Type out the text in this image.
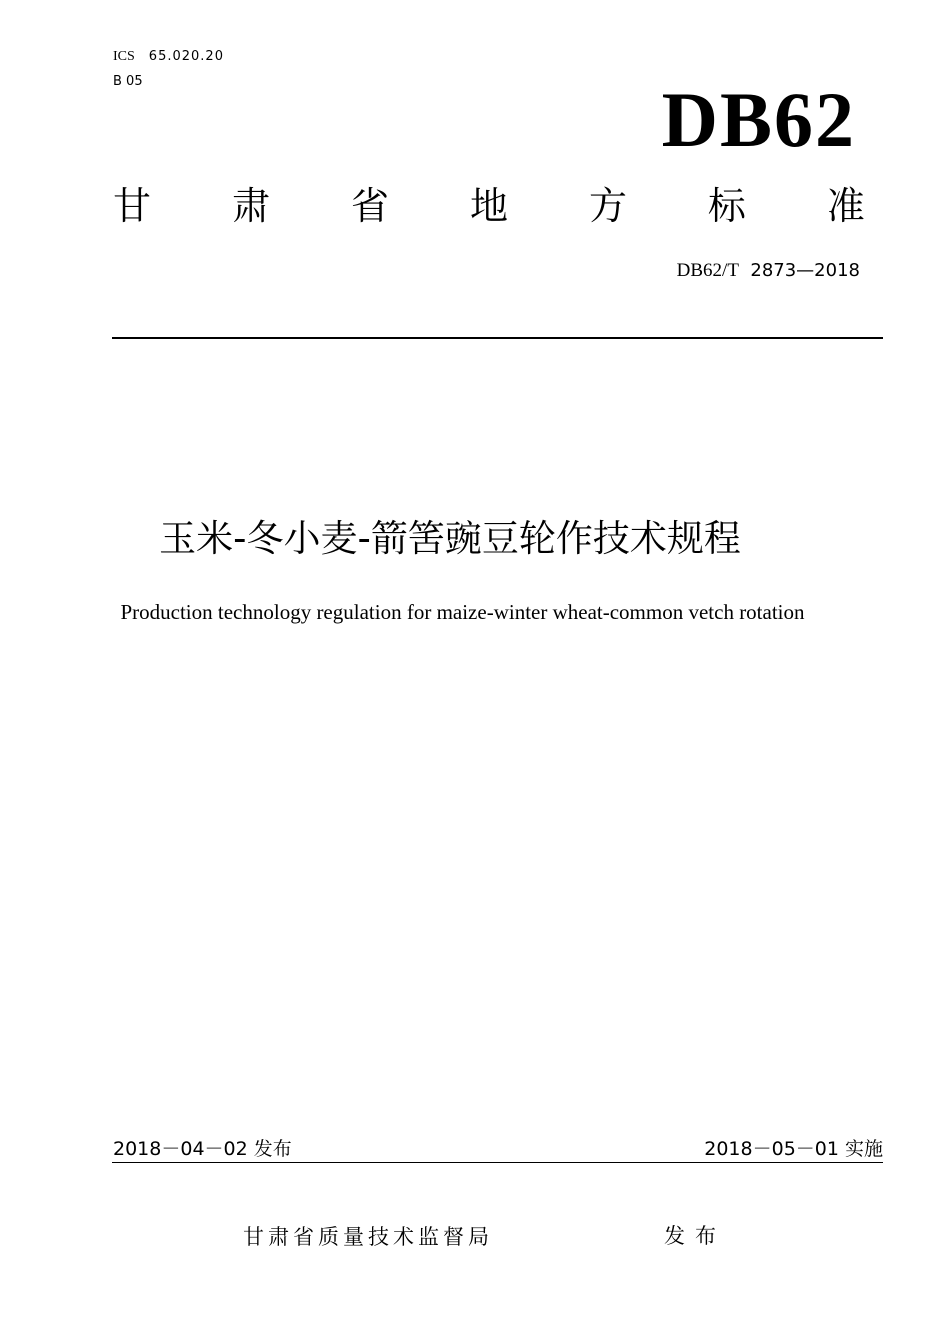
ICS 65.020.20
B 05	DB62
甘 肃 省 地 方 标 准
DB62/T 2873—2018
玉米-冬小麦-箭筈豌豆轮作技术规程
Production technology regulation for maize-winter wheat-common vetch rotation
2018－04－02 发布	2018－05－01 实施
甘肃省质量技术监督局	发布
